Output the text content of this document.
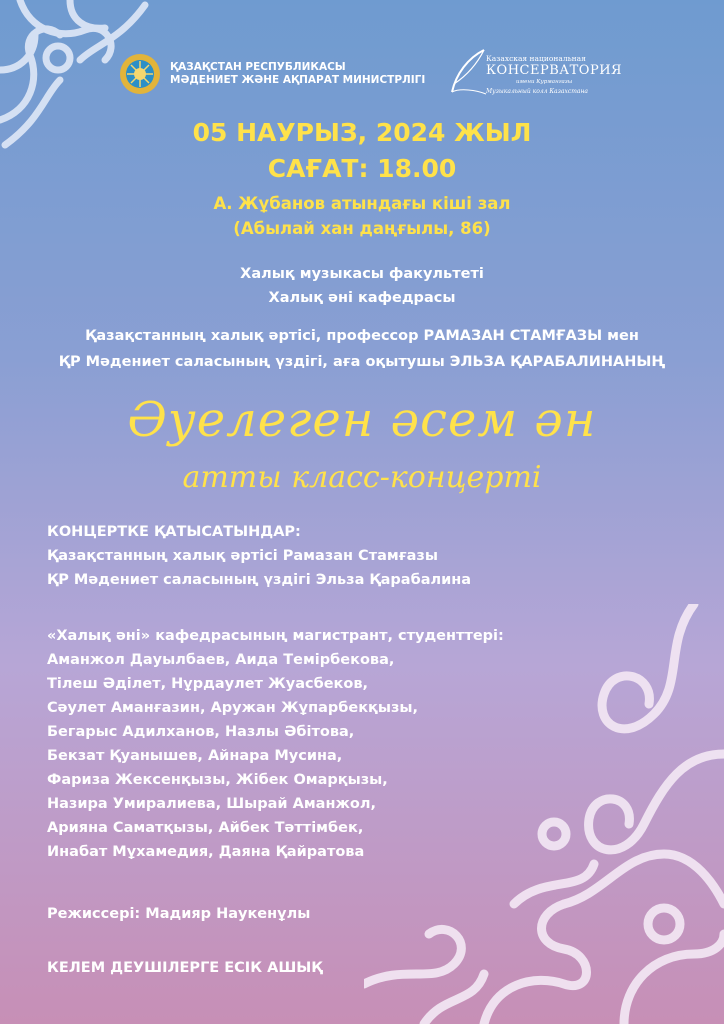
ҚАЗАҚСТАН РЕСПУБЛИКАСЫ
МӘДЕНИЕТ ЖӘНЕ АҚПАРАТ МИНИСТРЛІГІ
Казахская национальная
КОНСЕРВАТОРИЯ
имени Курмангазы
Музыкальный колл Казахстана
05 НАУРЫЗ, 2024 ЖЫЛ
САҒАТ: 18.00
А. Жұбанов атындағы кіші зал
(Абылай хан даңғылы, 86)
Халық музыкасы факультеті
Халық әні кафедрасы
Қазақстанның халық әртісі, профессор РАМАЗАН СТАМҒАЗЫ мен
ҚР Мәдениет саласының үздігі, аға оқытушы ЭЛЬЗА ҚАРАБАЛИНАНЫҢ
Әуелеген әсем ән
атты класс-концерті
КОНЦЕРТКЕ ҚАТЫСАТЫНДАР:
Қазақстанның халық әртісі Рамазан Стамғазы
ҚР Мәдениет саласының үздігі Эльза Қарабалина
«Халық әні» кафедрасының магистрант, студенттері:
Аманжол Дауылбаев, Аида Темірбекова,
Тілеш Әділет, Нұрдаулет Жуасбеков,
Сәулет Аманғазин, Аружан Жұпарбекқызы,
Бегарыс Адилханов, Назлы Әбітова,
Бекзат Қуанышев, Айнара Мусина,
Фариза Жексенқызы, Жібек Омарқызы,
Назира Умиралиева, Шырай Аманжол,
Арияна Саматқызы, Айбек Тәттімбек,
Инабат Мұхамедия, Даяна Қайратова
Режиссері: Мадияр Наукенұлы
КЕЛЕМ ДЕУШІЛЕРГЕ ЕСІК АШЫҚ
